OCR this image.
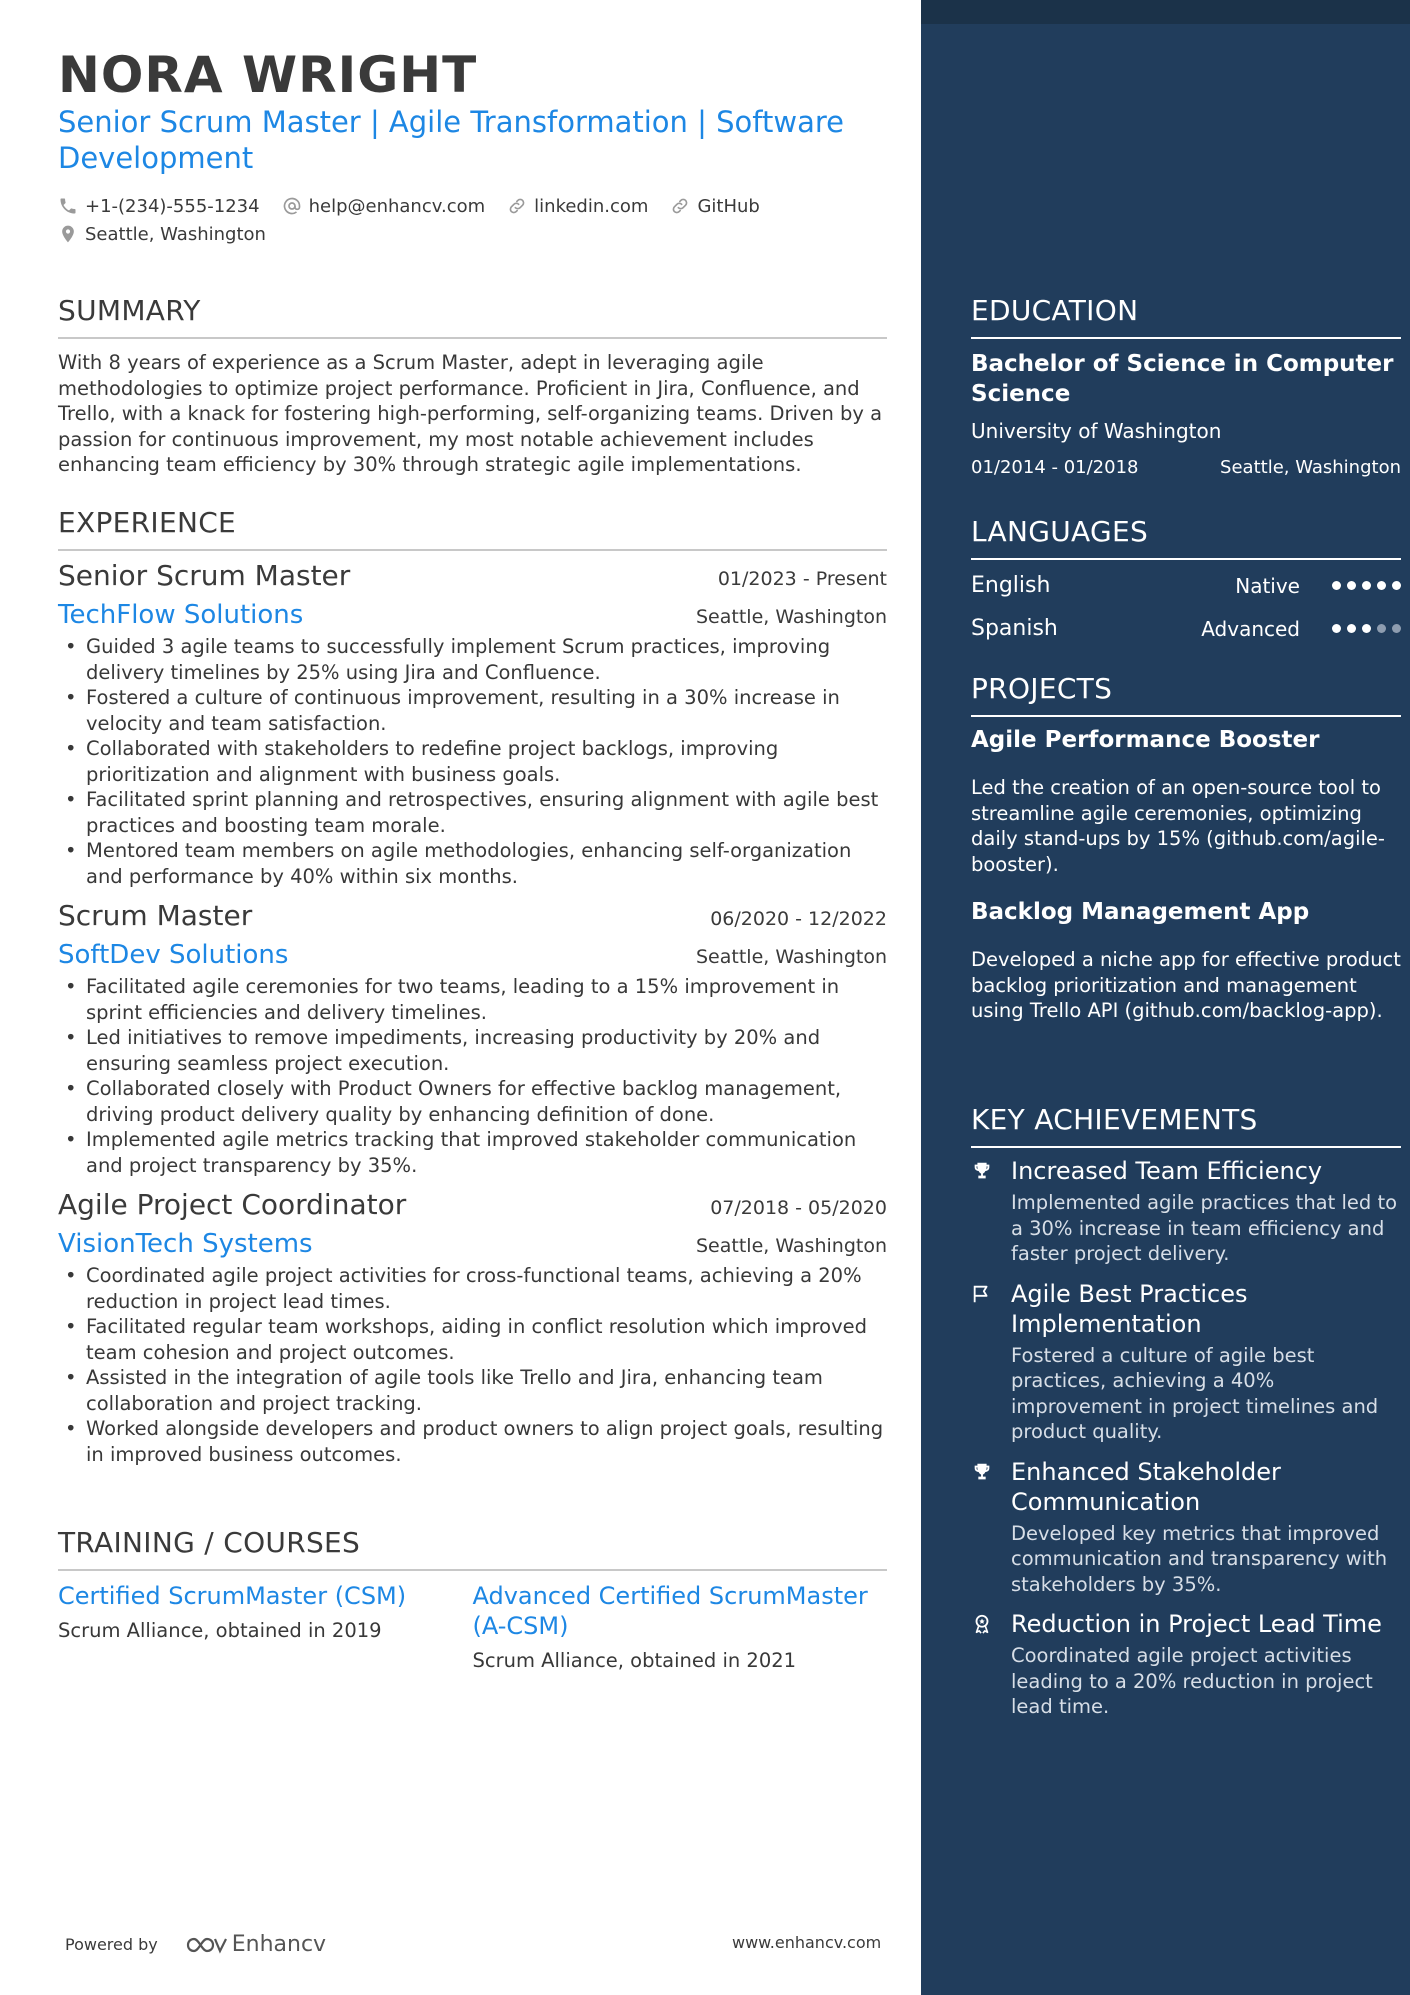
NORA WRIGHT
Senior Scrum Master | Agile Transformation | Software Development
+1-(234)-555-1234	help@enhancv.com	linkedin.com	GitHub
Seattle, Washington
SUMMARY
With 8 years of experience as a Scrum Master, adept in leveraging agile methodologies to optimize project performance. Proficient in Jira, Confluence, and Trello, with a knack for fostering high-performing, self-organizing teams. Driven by a passion for continuous improvement, my most notable achievement includes enhancing team efficiency by 30% through strategic agile implementations.
EXPERIENCE
Senior Scrum Master	01/2023 - Present
TechFlow Solutions	Seattle, Washington
• Guided 3 agile teams to successfully implement Scrum practices, improving delivery timelines by 25% using Jira and Confluence.
• Fostered a culture of continuous improvement, resulting in a 30% increase in velocity and team satisfaction.
• Collaborated with stakeholders to redefine project backlogs, improving prioritization and alignment with business goals.
• Facilitated sprint planning and retrospectives, ensuring alignment with agile best practices and boosting team morale.
• Mentored team members on agile methodologies, enhancing self-organization and performance by 40% within six months.
Scrum Master	06/2020 - 12/2022
SoftDev Solutions	Seattle, Washington
• Facilitated agile ceremonies for two teams, leading to a 15% improvement in sprint efficiencies and delivery timelines.
• Led initiatives to remove impediments, increasing productivity by 20% and ensuring seamless project execution.
• Collaborated closely with Product Owners for effective backlog management, driving product delivery quality by enhancing definition of done.
• Implemented agile metrics tracking that improved stakeholder communication and project transparency by 35%.
Agile Project Coordinator	07/2018 - 05/2020
VisionTech Systems	Seattle, Washington
• Coordinated agile project activities for cross-functional teams, achieving a 20% reduction in project lead times.
• Facilitated regular team workshops, aiding in conflict resolution which improved team cohesion and project outcomes.
• Assisted in the integration of agile tools like Trello and Jira, enhancing team collaboration and project tracking.
• Worked alongside developers and product owners to align project goals, resulting in improved business outcomes.
TRAINING / COURSES
Certified ScrumMaster (CSM)
Scrum Alliance, obtained in 2019
Advanced Certified ScrumMaster (A-CSM)
Scrum Alliance, obtained in 2021
Powered by	Enhancv	www.enhancv.com
EDUCATION
Bachelor of Science in Computer Science
University of Washington
01/2014 - 01/2018	Seattle, Washington
LANGUAGES
English	Native
Spanish	Advanced
PROJECTS
Agile Performance Booster
Led the creation of an open-source tool to streamline agile ceremonies, optimizing daily stand-ups by 15% (github.com/agile-booster).
Backlog Management App
Developed a niche app for effective product backlog prioritization and management using Trello API (github.com/backlog-app).
KEY ACHIEVEMENTS
Increased Team Efficiency
Implemented agile practices that led to a 30% increase in team efficiency and faster project delivery.
Agile Best Practices Implementation
Fostered a culture of agile best practices, achieving a 40% improvement in project timelines and product quality.
Enhanced Stakeholder Communication
Developed key metrics that improved communication and transparency with stakeholders by 35%.
Reduction in Project Lead Time
Coordinated agile project activities leading to a 20% reduction in project lead time.
